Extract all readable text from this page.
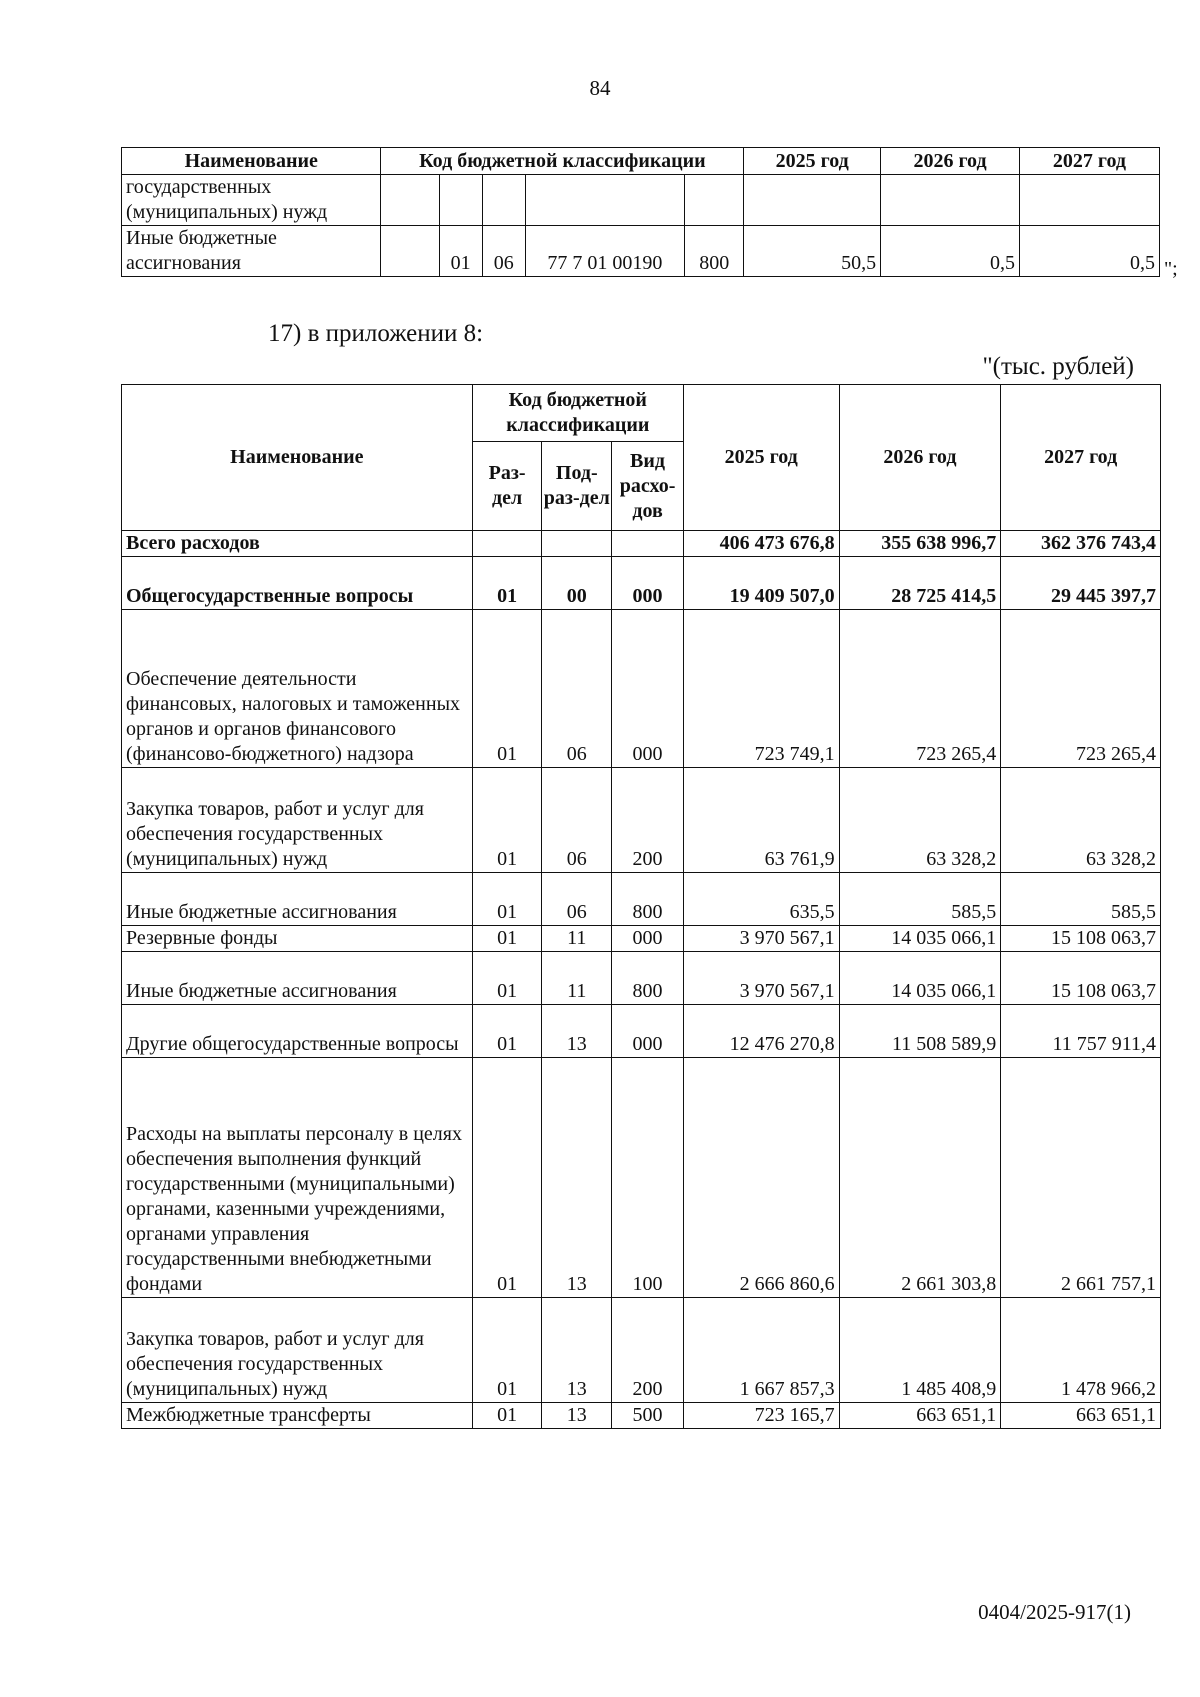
84
Наименование	Код бюджетной классификации					2025 год	2026 год	2027 год
государственных (муниципальных) нужд								
Иные бюджетные ассигнования		01	06	77 7 01 00190	800	50,5	0,5	0,5 ";
17) в приложении 8:
"(тыс. рублей)
Наименование	Код бюджетной классификации			2025 год	2026 год	2027 год
	Раз-дел	Под-раз-дел	Вид расхо-дов			
Всего расходов				406 473 676,8	355 638 996,7	362 376 743,4
Общегосударственные вопросы	01	00	000	19 409 507,0	28 725 414,5	29 445 397,7
Обеспечение деятельности финансовых, налоговых и таможенных органов и органов финансового (финансово-бюджетного) надзора	01	06	000	723 749,1	723 265,4	723 265,4
Закупка товаров, работ и услуг для обеспечения государственных (муниципальных) нужд	01	06	200	63 761,9	63 328,2	63 328,2
Иные бюджетные ассигнования	01	06	800	635,5	585,5	585,5
Резервные фонды	01	11	000	3 970 567,1	14 035 066,1	15 108 063,7
Иные бюджетные ассигнования	01	11	800	3 970 567,1	14 035 066,1	15 108 063,7
Другие общегосударственные вопросы	01	13	000	12 476 270,8	11 508 589,9	11 757 911,4
Расходы на выплаты персоналу в целях обеспечения выполнения функций государственными (муниципальными) органами, казенными учреждениями, органами управления государственными внебюджетными фондами	01	13	100	2 666 860,6	2 661 303,8	2 661 757,1
Закупка товаров, работ и услуг для обеспечения государственных (муниципальных) нужд	01	13	200	1 667 857,3	1 485 408,9	1 478 966,2
Межбюджетные трансферты	01	13	500	723 165,7	663 651,1	663 651,1
0404/2025-917(1)
